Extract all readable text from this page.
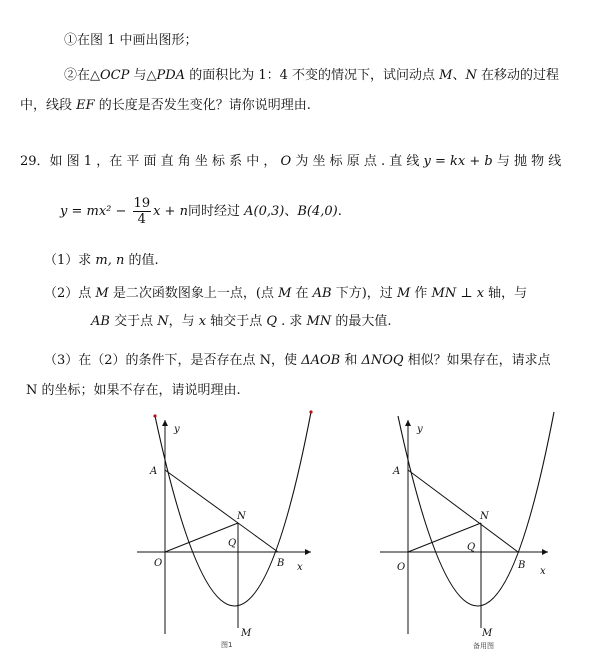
①在图 1 中画出图形；
②在△OCP 与△PDA 的面积比为 1：4 不变的情况下，试问动点 M、N 在移动的过程
中，线段 EF 的长度是否发生变化？请你说明理由.
29．如 图 1 ，在 平 面 直 角 坐 标 系 中 ， O 为 坐 标 原 点 . 直 线 y = kx + b 与 抛 物 线
$y = mx^2 - \frac{19}{4}$ x + n同时经过 A(0,3)、B(4,0).
（1）求 m, n 的值.
（2）点 M 是二次函数图象上一点，(点 M 在 AB 下方)，过 M 作 MN ⊥ x 轴，与
AB 交于点 N，与 x 轴交于点 Q . 求 MN 的最大值.
（3）在（2）的条件下，是否存在点 N，使 ΔAOB 和 ΔNOQ 相似？如果存在，请求点
N 的坐标；如果不存在，请说明理由.
y
x
O
A
B
N
Q
M
图1
y
x
O
A
B
N
Q
M
备用图
